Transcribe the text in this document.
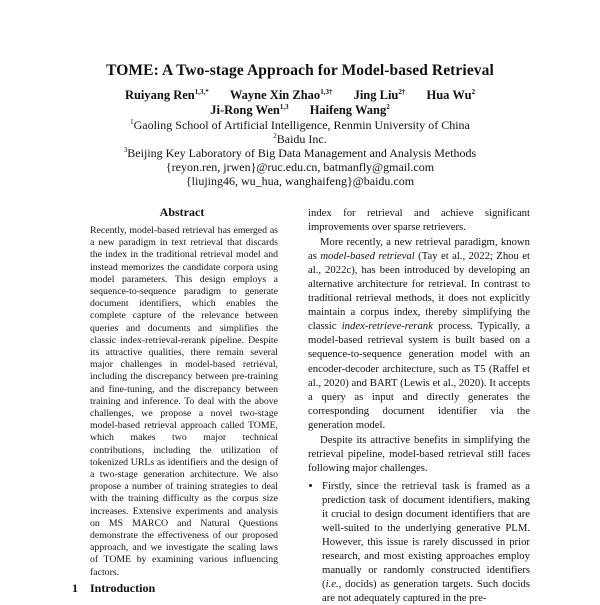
TOME: A Two-stage Approach for Model-based Retrieval
Ruiyang Ren$^{1,3,*}$ Wayne Xin Zhao$^{1,3\dagger}$ Jing Liu$^{2\dagger}$ Hua Wu$^2$
Ji-Rong Wen$^{1,3}$ Haifeng Wang$^2$
$^1$Gaoling School of Artificial Intelligence, Renmin University of China
$^2$Baidu Inc.
$^3$Beijing Key Laboratory of Big Data Management and Analysis Methods
{reyon.ren, jrwen}@ruc.edu.cn, batmanfly@gmail.com
{liujing46, wu_hua, wanghaifeng}@baidu.com
Abstract
Recently, model-based retrieval has emerged as a new paradigm in text retrieval that discards the index in the traditional retrieval model and instead memorizes the candidate corpora using model parameters. This design employs a sequence-to-sequence paradigm to generate document identifiers, which enables the complete capture of the relevance between queries and documents and simplifies the classic index-retrieval-rerank pipeline. Despite its attractive qualities, there remain several major challenges in model-based retrieval, including the discrepancy between pre-training and fine-tuning, and the discrepancy between training and inference. To deal with the above challenges, we propose a novel two-stage model-based retrieval approach called TOME, which makes two major technical contributions, including the utilization of tokenized URLs as identifiers and the design of a two-stage generation architecture. We also propose a number of training strategies to deal with the training difficulty as the corpus size increases. Extensive experiments and analysis on MS MARCO and Natural Questions demonstrate the effectiveness of our proposed approach, and we investigate the scaling laws of TOME by examining various influencing factors.
1 Introduction

index for retrieval and achieve significant improvements over sparse retrievers.

More recently, a new retrieval paradigm, known as model-based retrieval (Tay et al., 2022; Zhou et al., 2022c), has been introduced by developing an alternative architecture for retrieval. In contrast to traditional retrieval methods, it does not explicitly maintain a corpus index, thereby simplifying the classic index-retrieve-rerank process. Typically, a model-based retrieval system is built based on a sequence-to-sequence generation model with an encoder-decoder architecture, such as T5 (Raffel et al., 2020) and BART (Lewis et al., 2020). It accepts a query as input and directly generates the corresponding document identifier via the generation model.

Despite its attractive benefits in simplifying the retrieval pipeline, model-based retrieval still faces following major challenges.

• Firstly, since the retrieval task is framed as a prediction task of document identifiers, making it crucial to design document identifiers that are well-suited to the underlying generative PLM. However, this issue is rarely discussed in prior research, and most existing approaches employ manually or randomly constructed identifiers (i.e., docids) as generation targets. Such docids are not adequately captured in the pre-
